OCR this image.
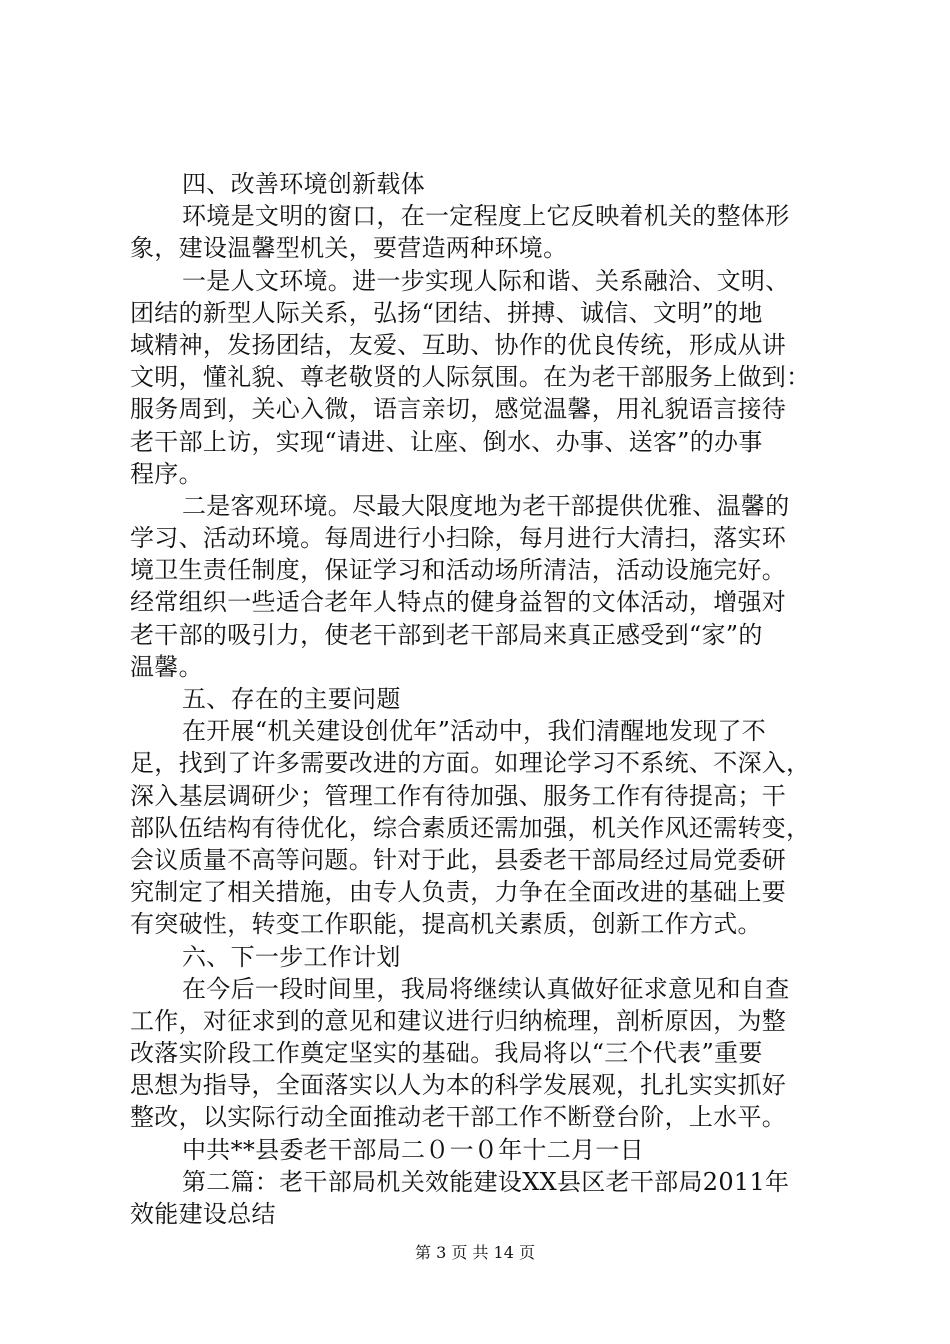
四、改善环境创新载体
环境是文明的窗口，在一定程度上它反映着机关的整体形
象，建设温馨型机关，要营造两种环境。
一是人文环境。进一步实现人际和谐、关系融洽、文明、
团结的新型人际关系，弘扬“团结、拼搏、诚信、文明”的地
域精神，发扬团结，友爱、互助、协作的优良传统，形成从讲
文明，懂礼貌、尊老敬贤的人际氛围。在为老干部服务上做到：
服务周到，关心入微，语言亲切，感觉温馨，用礼貌语言接待
老干部上访，实现“请进、让座、倒水、办事、送客”的办事
程序。
二是客观环境。尽最大限度地为老干部提供优雅、温馨的
学习、活动环境。每周进行小扫除，每月进行大清扫，落实环
境卫生责任制度，保证学习和活动场所清洁，活动设施完好。
经常组织一些适合老年人特点的健身益智的文体活动，增强对
老干部的吸引力，使老干部到老干部局来真正感受到“家”的
温馨。
五、存在的主要问题
在开展“机关建设创优年”活动中，我们清醒地发现了不
足，找到了许多需要改进的方面。如理论学习不系统、不深入，
深入基层调研少；管理工作有待加强、服务工作有待提高；干
部队伍结构有待优化，综合素质还需加强，机关作风还需转变，
会议质量不高等问题。针对于此，县委老干部局经过局党委研
究制定了相关措施，由专人负责，力争在全面改进的基础上要
有突破性，转变工作职能，提高机关素质，创新工作方式。
六、下一步工作计划
在今后一段时间里，我局将继续认真做好征求意见和自查
工作，对征求到的意见和建议进行归纳梳理，剖析原因，为整
改落实阶段工作奠定坚实的基础。我局将以“三个代表”重要
思想为指导，全面落实以人为本的科学发展观，扎扎实实抓好
整改，以实际行动全面推动老干部工作不断登台阶，上水平。
中共**县委老干部局二０一０年十二月一日
第二篇：老干部局机关效能建设XX县区老干部局2011年
效能建设总结
第 3 页 共 14 页
